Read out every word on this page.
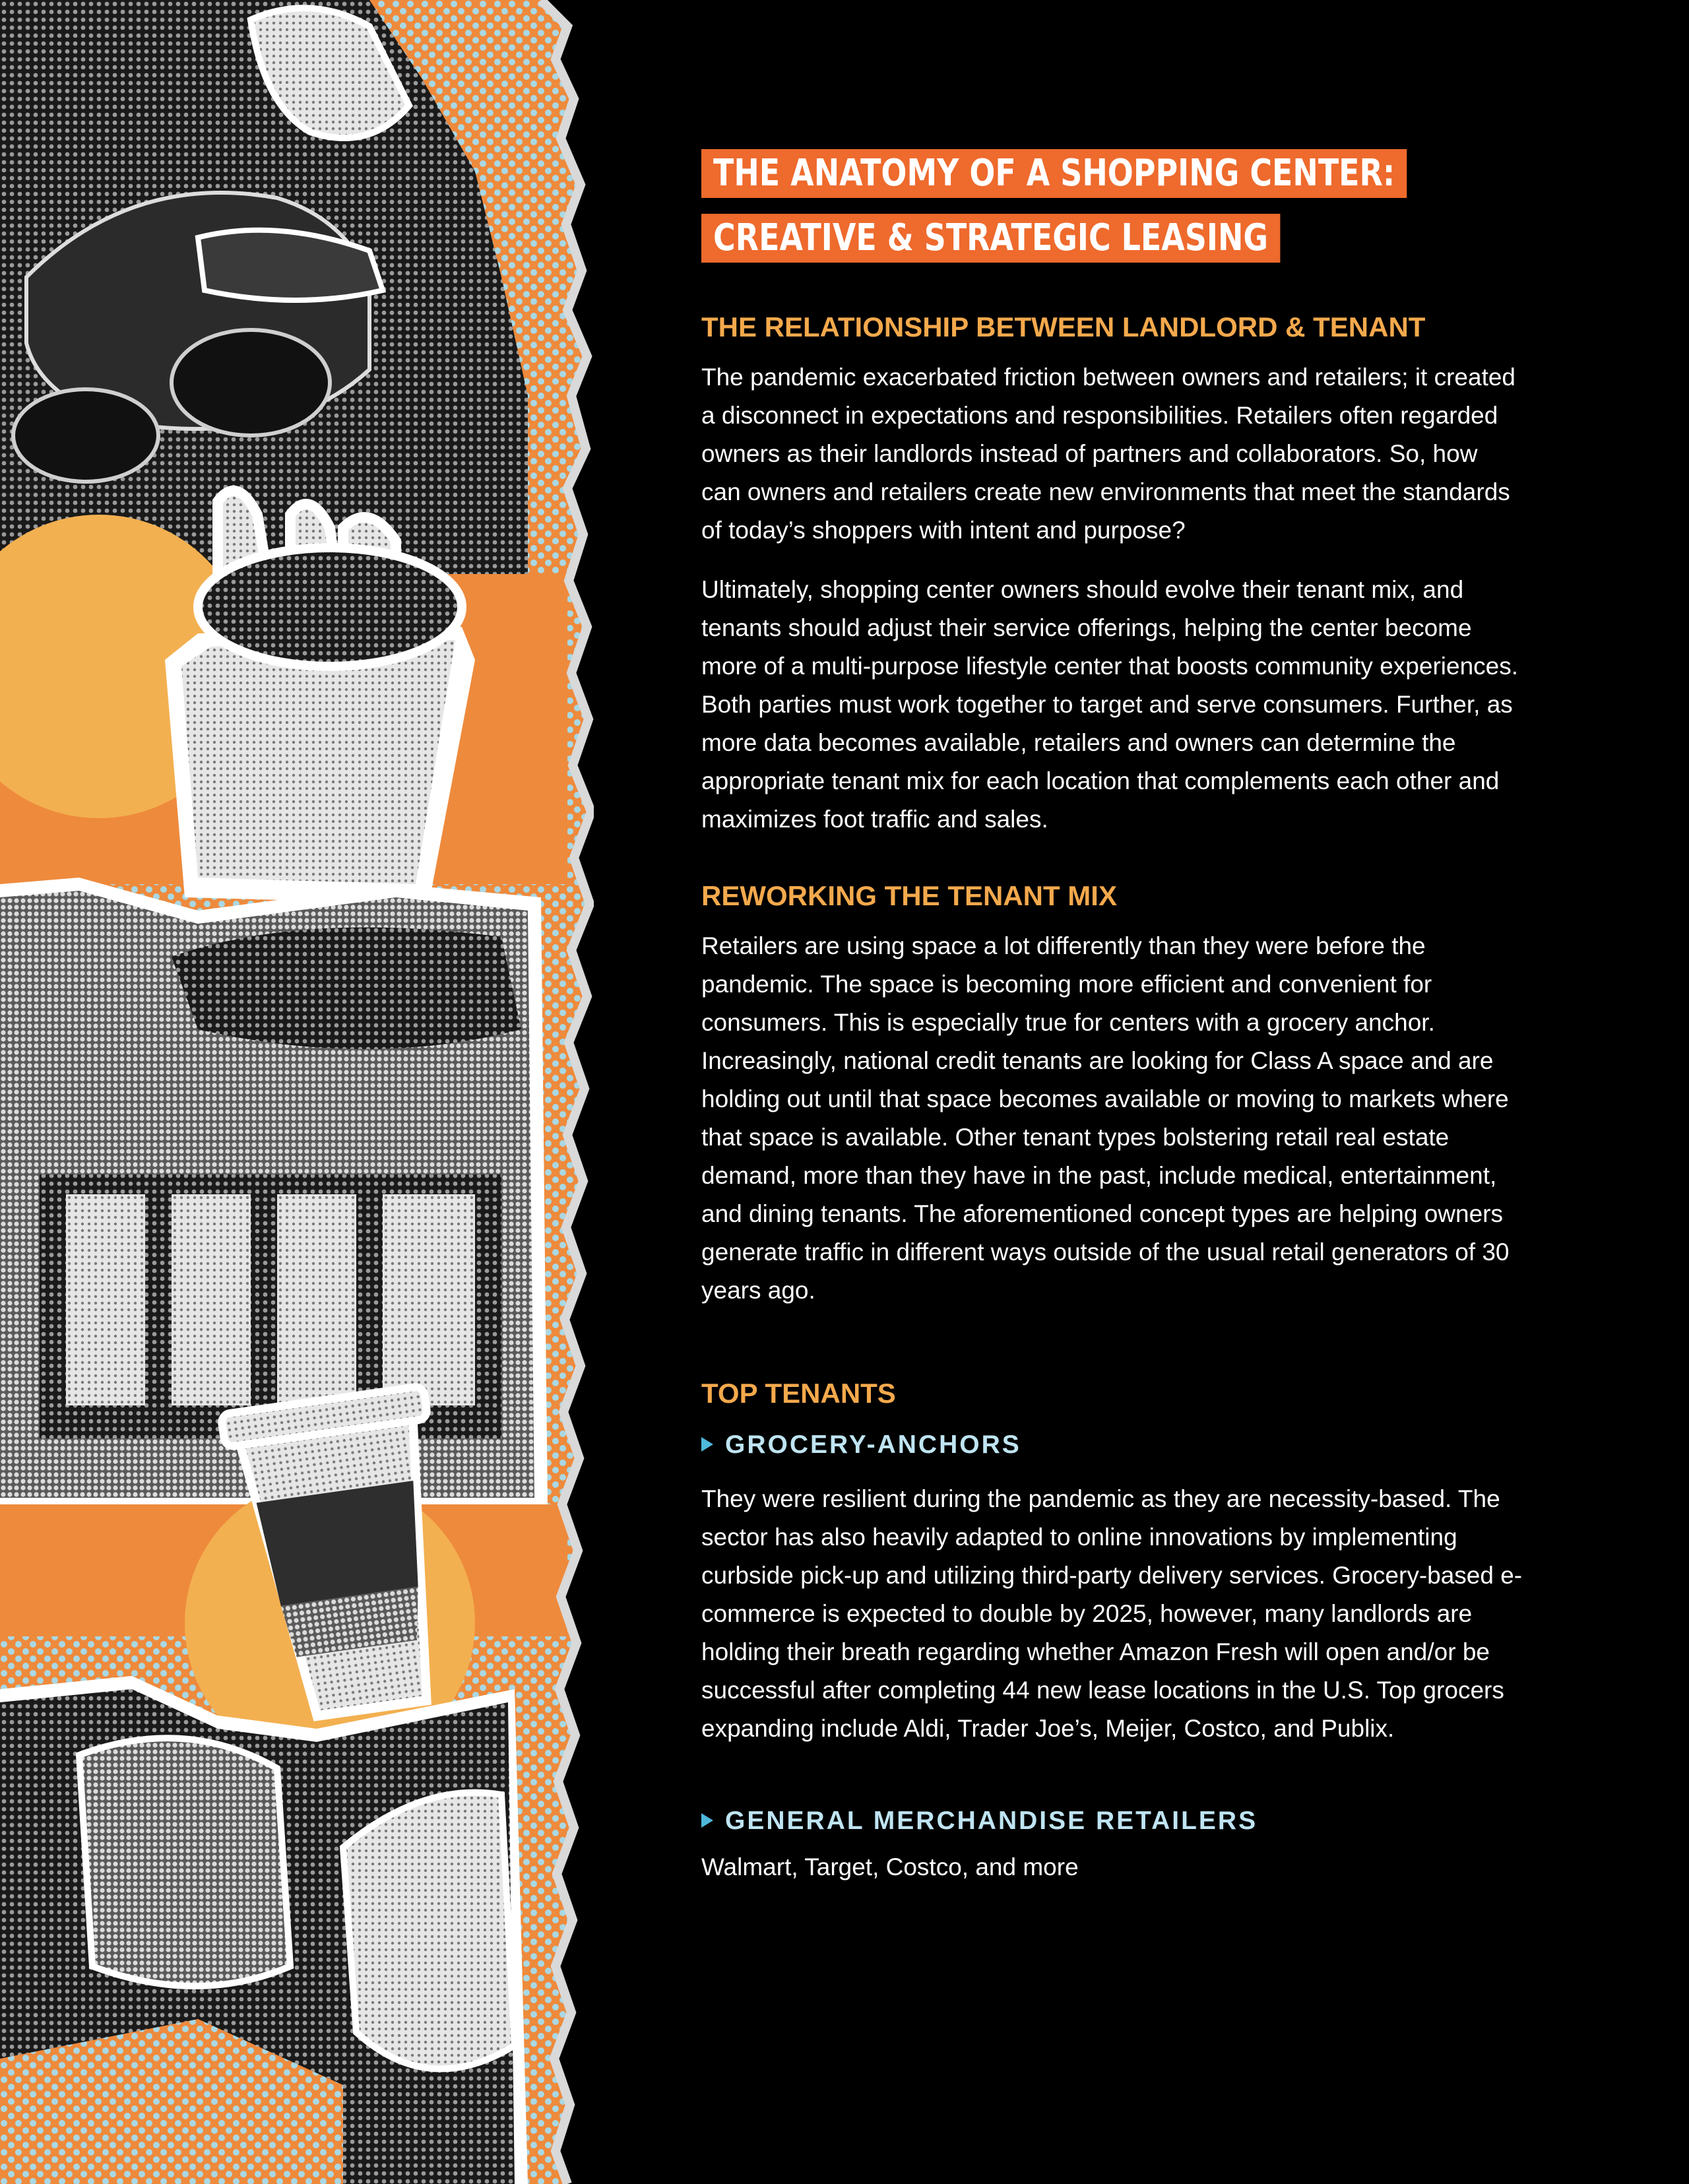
THE ANATOMY OF A SHOPPING CENTER:
CREATIVE & STRATEGIC LEASING
THE RELATIONSHIP BETWEEN LANDLORD & TENANT

The pandemic exacerbated friction between owners and retailers; it created a disconnect in expectations and responsibilities. Retailers often regarded owners as their landlords instead of partners and collaborators. So, how can owners and retailers create new environments that meet the standards of today’s shoppers with intent and purpose?

Ultimately, shopping center owners should evolve their tenant mix, and tenants should adjust their service offerings, helping the center become more of a multi-purpose lifestyle center that boosts community experiences. Both parties must work together to target and serve consumers. Further, as more data becomes available, retailers and owners can determine the appropriate tenant mix for each location that complements each other and maximizes foot traffic and sales.

REWORKING THE TENANT MIX

Retailers are using space a lot differently than they were before the pandemic. The space is becoming more efficient and convenient for consumers. This is especially true for centers with a grocery anchor. Increasingly, national credit tenants are looking for Class A space and are holding out until that space becomes available or moving to markets where that space is available. Other tenant types bolstering retail real estate demand, more than they have in the past, include medical, entertainment, and dining tenants. The aforementioned concept types are helping owners generate traffic in different ways outside of the usual retail generators of 30 years ago.

TOP TENANTS
GROCERY-ANCHORS

They were resilient during the pandemic as they are necessity-based. The sector has also heavily adapted to online innovations by implementing curbside pick-up and utilizing third-party delivery services. Grocery-based e-commerce is expected to double by 2025, however, many landlords are holding their breath regarding whether Amazon Fresh will open and/or be successful after completing 44 new lease locations in the U.S. Top grocers expanding include Aldi, Trader Joe’s, Meijer, Costco, and Publix.

GENERAL MERCHANDISE RETAILERS

Walmart, Target, Costco, and more
